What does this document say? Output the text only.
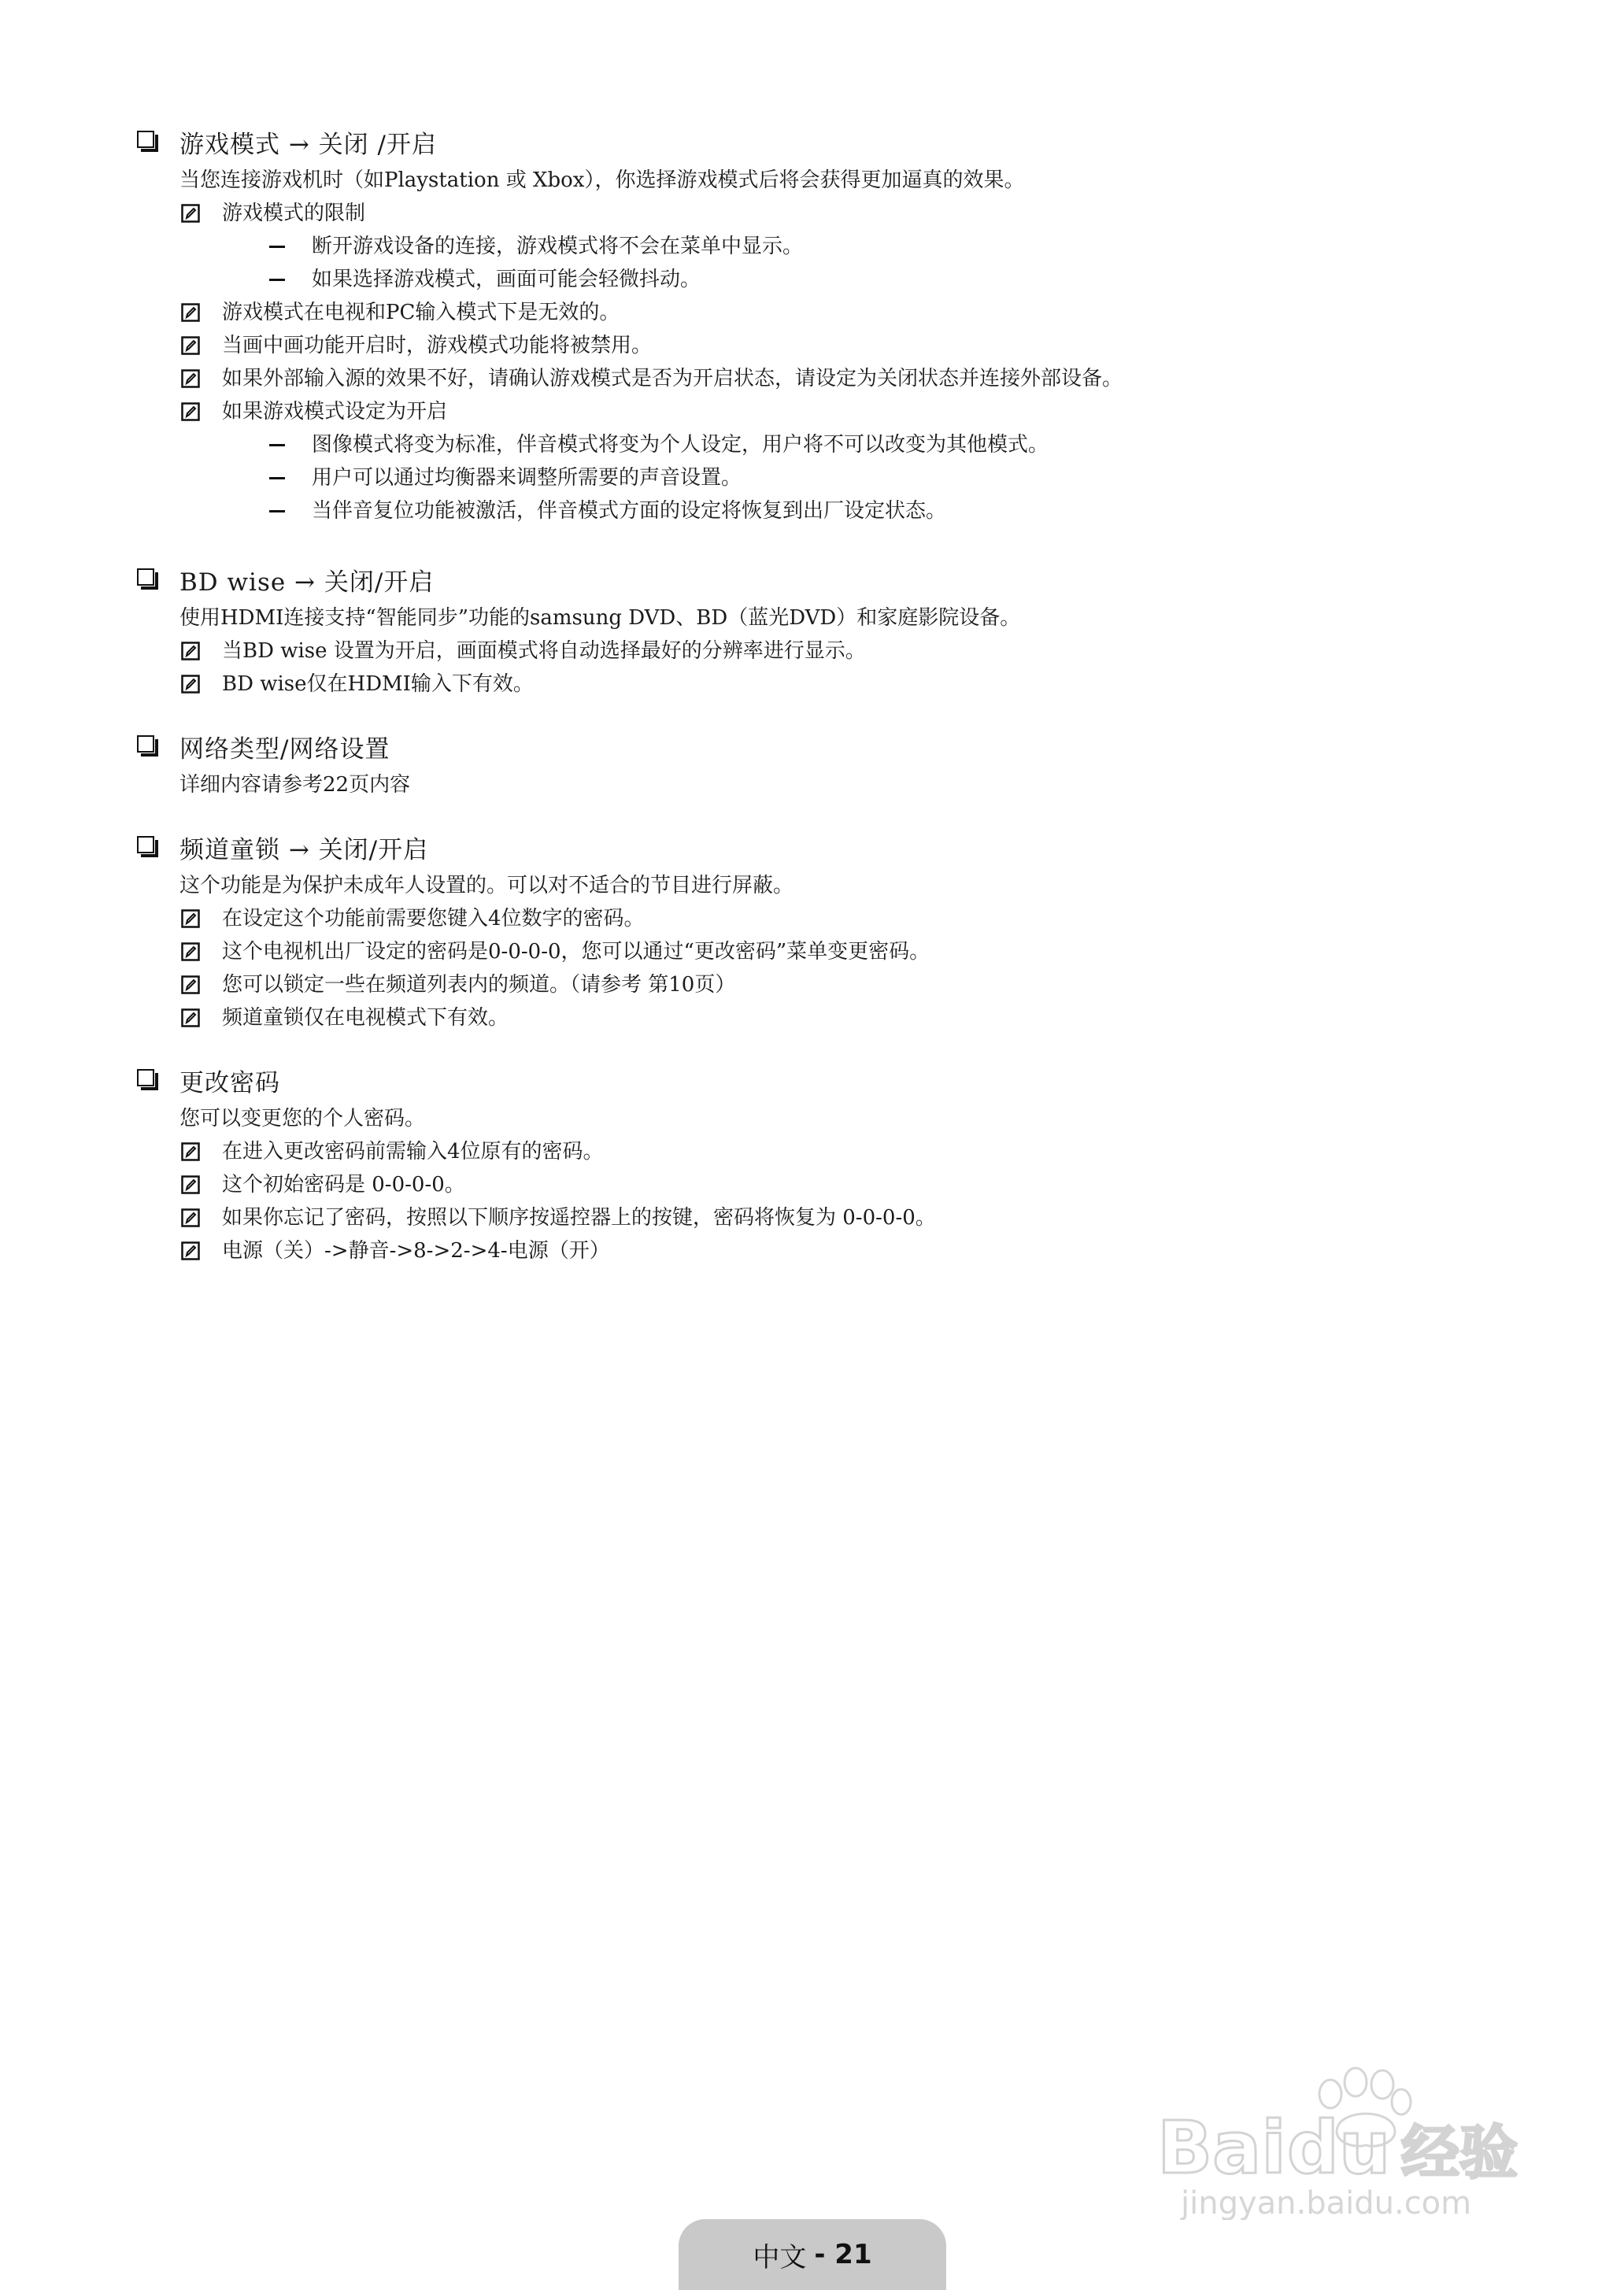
游戏模式 → 关闭 /开启
当您连接游戏机时（如Playstation 或 Xbox），你选择游戏模式后将会获得更加逼真的效果。
游戏模式的限制
断开游戏设备的连接，游戏模式将不会在菜单中显示。
如果选择游戏模式，画面可能会轻微抖动。
游戏模式在电视和PC输入模式下是无效的。
当画中画功能开启时，游戏模式功能将被禁用。
如果外部输入源的效果不好，请确认游戏模式是否为开启状态，请设定为关闭状态并连接外部设备。
如果游戏模式设定为开启
图像模式将变为标准，伴音模式将变为个人设定，用户将不可以改变为其他模式。
用户可以通过均衡器来调整所需要的声音设置。
当伴音复位功能被激活，伴音模式方面的设定将恢复到出厂设定状态。
BD wise → 关闭/开启
使用HDMI连接支持“智能同步”功能的samsung DVD、BD（蓝光DVD）和家庭影院设备。
当BD wise 设置为开启，画面模式将自动选择最好的分辨率进行显示。
BD wise仅在HDMI输入下有效。
网络类型/网络设置
详细内容请参考22页内容
频道童锁 → 关闭/开启
这个功能是为保护未成年人设置的。可以对不适合的节目进行屏蔽。
在设定这个功能前需要您键入4位数字的密码。
这个电视机出厂设定的密码是0-0-0-0，您可以通过“更改密码”菜单变更密码。
您可以锁定一些在频道列表内的频道。（请参考 第10页）
频道童锁仅在电视模式下有效。
更改密码
您可以变更您的个人密码。
在进入更改密码前需输入4位原有的密码。
这个初始密码是 0-0-0-0。
如果你忘记了密码，按照以下顺序按遥控器上的按键，密码将恢复为 0-0-0-0。
电源（关）->静音->8->2->4-电源（开）
Bai du 经验
jingyan.baidu.com
中文 - 21
